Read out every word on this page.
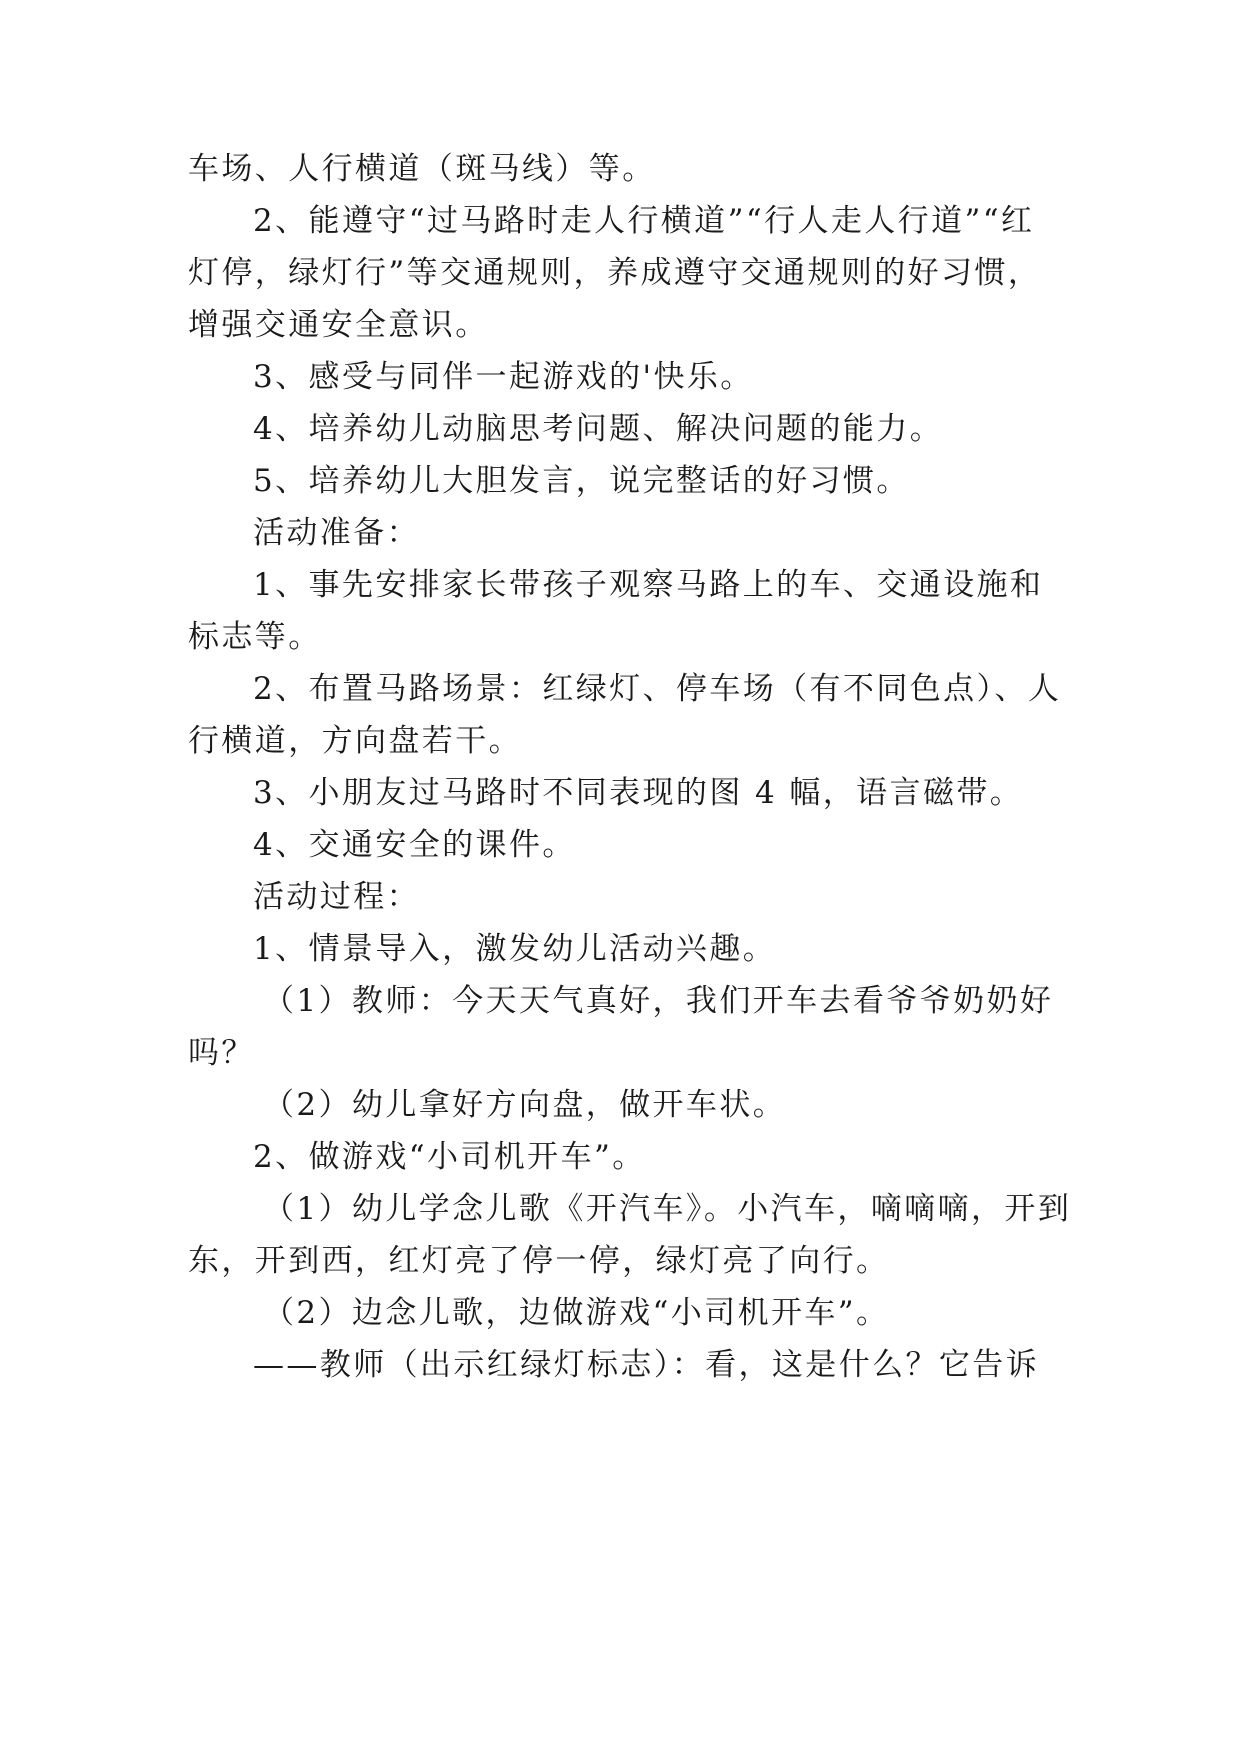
车场、人行横道（斑马线）等。
2、能遵守“过马路时走人行横道”“行人走人行道”“红
灯停，绿灯行”等交通规则，养成遵守交通规则的好习惯，
增强交通安全意识。
3、感受与同伴一起游戏的'快乐。
4、培养幼儿动脑思考问题、解决问题的能力。
5、培养幼儿大胆发言，说完整话的好习惯。
活动准备：
1、事先安排家长带孩子观察马路上的车、交通设施和
标志等。
2、布置马路场景：红绿灯、停车场（有不同色点）、人
行横道，方向盘若干。
3、小朋友过马路时不同表现的图 4 幅，语言磁带。
4、交通安全的课件。
活动过程：
1、情景导入，激发幼儿活动兴趣。
（1）教师：今天天气真好，我们开车去看爷爷奶奶好
吗？
（2）幼儿拿好方向盘，做开车状。
2、做游戏“小司机开车”。
（1）幼儿学念儿歌《开汽车》。小汽车，嘀嘀嘀，开到
东，开到西，红灯亮了停一停，绿灯亮了向行。
（2）边念儿歌，边做游戏“小司机开车”。
——教师（出示红绿灯标志）：看，这是什么？它告诉
